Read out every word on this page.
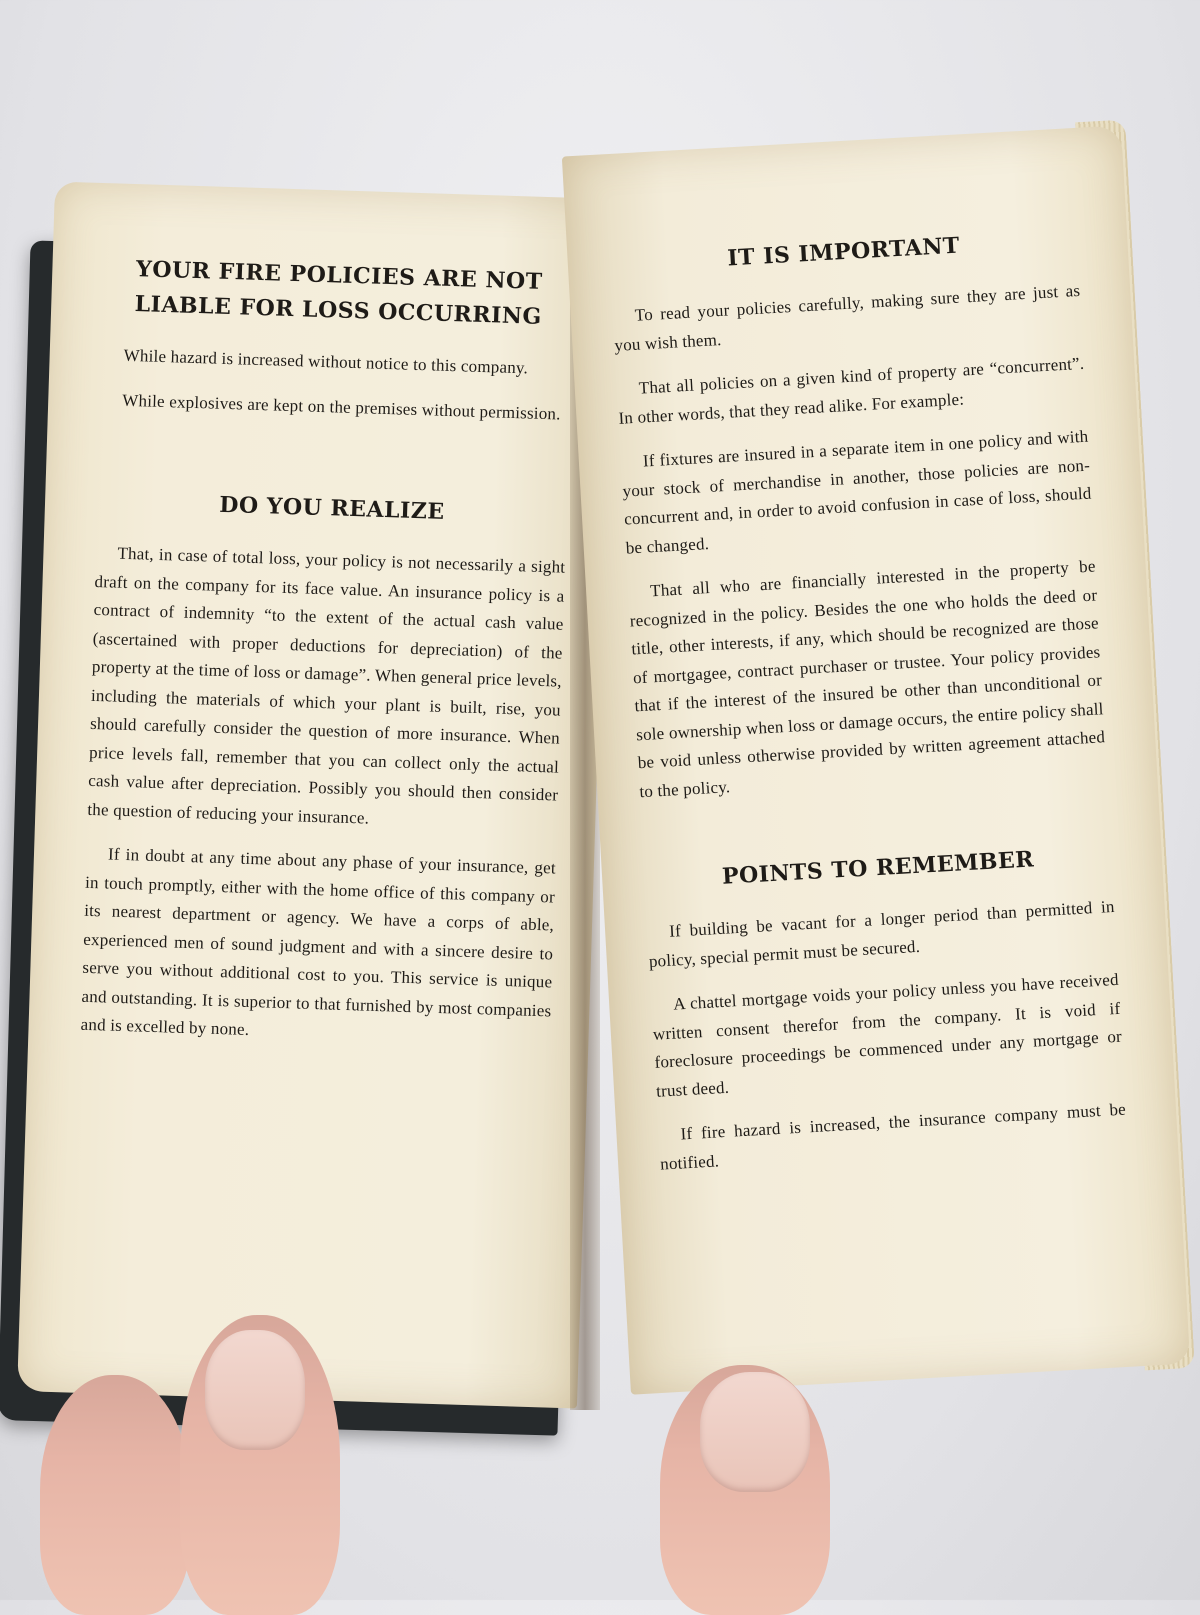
YOUR FIRE POLICIES ARE NOT LIABLE FOR LOSS OCCURRING

While hazard is increased without notice to this company.

While explosives are kept on the premises without permission.

DO YOU REALIZE

That, in case of total loss, your policy is not necessarily a sight draft on the company for its face value. An insurance policy is a contract of indemnity “to the extent of the actual cash value (ascertained with proper deductions for depreciation) of the property at the time of loss or damage”. When general price levels, including the materials of which your plant is built, rise, you should carefully consider the question of more insurance. When price levels fall, remember that you can collect only the actual cash value after depreciation. Possibly you should then consider the question of reducing your insurance.

If in doubt at any time about any phase of your insurance, get in touch promptly, either with the home office of this company or its nearest department or agency. We have a corps of able, experienced men of sound judgment and with a sincere desire to serve you without additional cost to you. This service is unique and outstanding. It is superior to that furnished by most companies and is excelled by none.

IT IS IMPORTANT

To read your policies carefully, making sure they are just as you wish them.

That all policies on a given kind of property are “concurrent”. In other words, that they read alike. For example:

If fixtures are insured in a separate item in one policy and with your stock of merchandise in another, those policies are non-concurrent and, in order to avoid confusion in case of loss, should be changed.

That all who are financially interested in the property be recognized in the policy. Besides the one who holds the deed or title, other interests, if any, which should be recognized are those of mortgagee, contract purchaser or trustee. Your policy provides that if the interest of the insured be other than unconditional or sole ownership when loss or damage occurs, the entire policy shall be void unless otherwise provided by written agreement attached to the policy.

POINTS TO REMEMBER

If building be vacant for a longer period than permitted in policy, special permit must be secured.

A chattel mortgage voids your policy unless you have received written consent therefor from the company. It is void if foreclosure proceedings be commenced under any mortgage or trust deed.

If fire hazard is increased, the insurance company must be notified.
